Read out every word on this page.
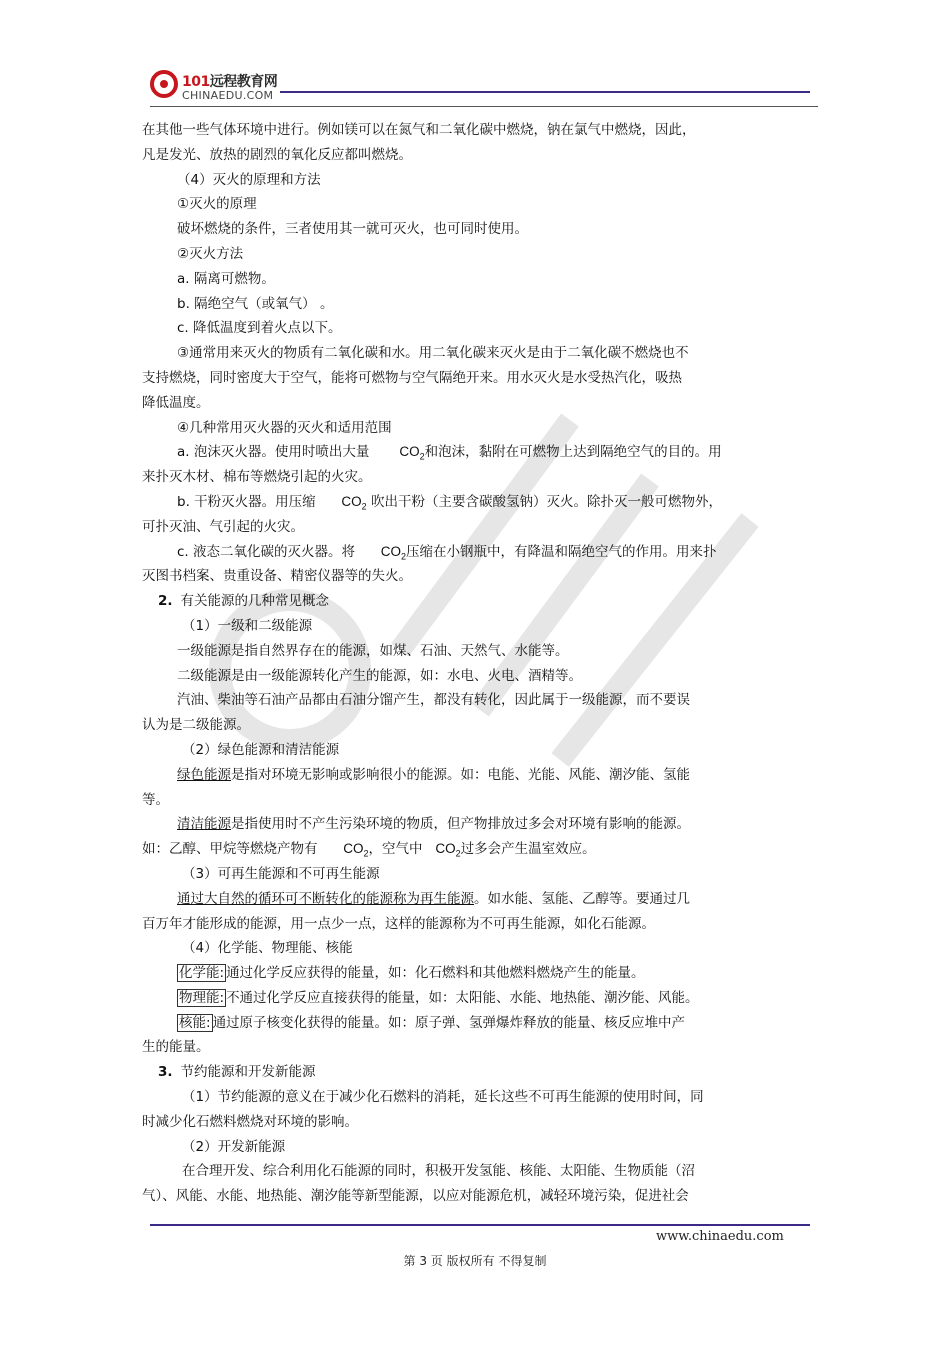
101远程教育网
CHINAEDU.COM
在其他一些气体环境中进行。例如镁可以在氮气和二氧化碳中燃烧，钠在氯气中燃烧，因此，
凡是发光、放热的剧烈的氧化反应都叫燃烧。
（4）灭火的原理和方法
①灭火的原理
破坏燃烧的条件，三者使用其一就可灭火，也可同时使用。
②灭火方法
a. 隔离可燃物。
b. 隔绝空气（或氧气） 。
c. 降低温度到着火点以下。
③通常用来灭火的物质有二氧化碳和水。用二氧化碳来灭火是由于二氧化碳不燃烧也不
支持燃烧，同时密度大于空气，能将可燃物与空气隔绝开来。用水灭火是水受热汽化，吸热
降低温度。
④几种常用灭火器的灭火和适用范围
a. 泡沫灭火器。使用时喷出大量 $CO_2$和泡沫，黏附在可燃物上达到隔绝空气的目的。用
来扑灭木材、棉布等燃烧引起的火灾。
b. 干粉灭火器。用压缩 $CO_2$ 吹出干粉（主要含碳酸氢钠）灭火。除扑灭一般可燃物外，
可扑灭油、气引起的火灾。
c. 液态二氧化碳的灭火器。将 $CO_2$压缩在小钢瓶中，有降温和隔绝空气的作用。用来扑
灭图书档案、贵重设备、精密仪器等的失火。
2. 有关能源的几种常见概念
（1）一级和二级能源
一级能源是指自然界存在的能源，如煤、石油、天然气、水能等。
二级能源是由一级能源转化产生的能源，如：水电、火电、酒精等。
汽油、柴油等石油产品都由石油分馏产生，都没有转化，因此属于一级能源，而不要误
认为是二级能源。
（2）绿色能源和清洁能源
绿色能源是指对环境无影响或影响很小的能源。如：电能、光能、风能、潮汐能、氢能
等。
清洁能源是指使用时不产生污染环境的物质，但产物排放过多会对环境有影响的能源。
如：乙醇、甲烷等燃烧产物有 $CO_2$，空气中 $CO_2$过多会产生温室效应。
（3）可再生能源和不可再生能源
通过大自然的循环可不断转化的能源称为再生能源。如水能、氢能、乙醇等。要通过几
百万年才能形成的能源，用一点少一点，这样的能源称为不可再生能源，如化石能源。
（4）化学能、物理能、核能
化学能: 通过化学反应获得的能量，如：化石燃料和其他燃料燃烧产生的能量。
物理能: 不通过化学反应直接获得的能量，如：太阳能、水能、地热能、潮汐能、风能。
核能: 通过原子核变化获得的能量。如：原子弹、氢弹爆炸释放的能量、核反应堆中产
生的能量。
3. 节约能源和开发新能源
（1）节约能源的意义在于减少化石燃料的消耗，延长这些不可再生能源的使用时间，同
时减少化石燃料燃烧对环境的影响。
（2）开发新能源
在合理开发、综合利用化石能源的同时，积极开发氢能、核能、太阳能、生物质能（沼
气）、风能、水能、地热能、潮汐能等新型能源，以应对能源危机，减轻环境污染，促进社会
www.chinaedu.com
第 3 页 版权所有 不得复制
